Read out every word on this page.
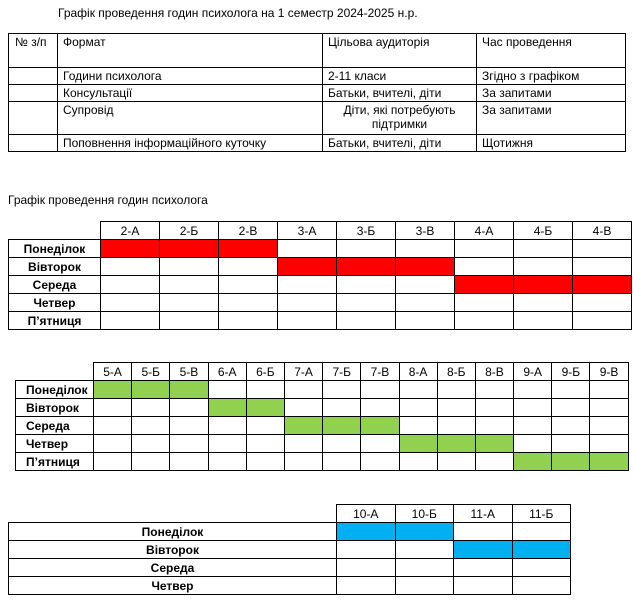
Графік проведення годин психолога на 1 семестр 2024-2025 н.р.
№ з/п	Формат	Цільова аудиторія	Час проведення
	Години психолога	2-11 класи	Згідно з графіком
	Консультації	Батьки, вчителі, діти	За запитами
	Супровід	Діти, які потребують підтримки	За запитами
	Поповнення інформаційного куточку	Батьки, вчителі, діти	Щотижня
Графік проведення годин психолога
	2-А	2-Б	2-В	3-А	3-Б	3-В	4-А	4-Б	4-В
Понеділок									
Вівторок									
Середа									
Четвер									
П’ятниця									
	5-А	5-Б	5-В	6-А	6-Б	7-А	7-Б	7-В	8-А	8-Б	8-В	9-А	9-Б	9-В
Понеділок														
Вівторок														
Середа														
Четвер														
П’ятниця														
	10-А	10-Б	11-А	11-Б
Понеділок				
Вівторок				
Середа				
Четвер				
